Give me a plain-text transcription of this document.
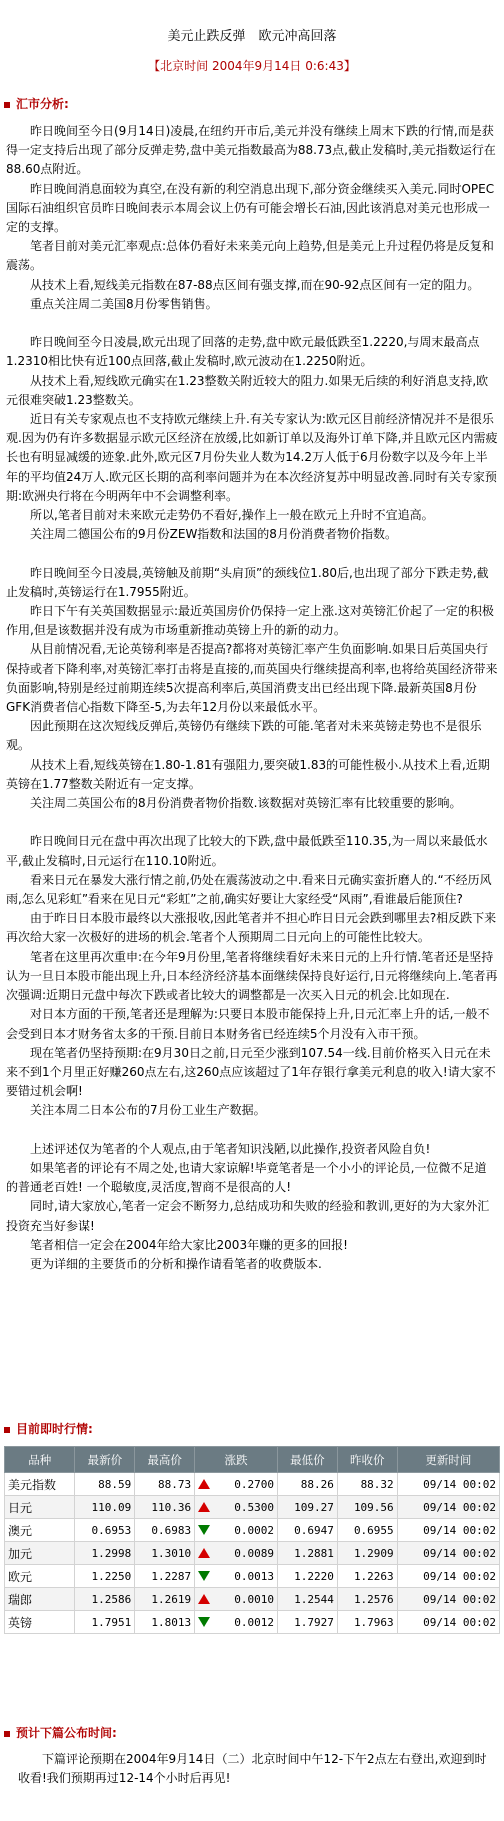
美元止跌反弹　欧元冲高回落
【北京时间 2004年9月14日 0:6:43】
汇市分析:

昨日晚间至今日(9月14日)凌晨,在纽约开市后,美元并没有继续上周末下跌的行情,而是获得一定支持后出现了部分反弹走势,盘中美元指数最高为88.73点,截止发稿时,美元指数运行在88.60点附近。

昨日晚间消息面较为真空,在没有新的利空消息出现下,部分资金继续买入美元.同时OPEC国际石油组织官员昨日晚间表示本周会议上仍有可能会增长石油,因此该消息对美元也形成一定的支撑。

笔者目前对美元汇率观点:总体仍看好未来美元向上趋势,但是美元上升过程仍将是反复和震荡。

从技术上看,短线美元指数在87-88点区间有强支撑,而在90-92点区间有一定的阻力。

重点关注周二美国8月份零售销售。

昨日晚间至今日凌晨,欧元出现了回落的走势,盘中欧元最低跌至1.2220,与周末最高点1.2310相比快有近100点回落,截止发稿时,欧元波动在1.2250附近。

从技术上看,短线欧元确实在1.23整数关附近较大的阻力.如果无后续的利好消息支持,欧元很难突破1.23整数关。

近日有关专家观点也不支持欧元继续上升.有关专家认为:欧元区目前经济情况并不是很乐观.因为仍有许多数据显示欧元区经济在放缓,比如新订单以及海外订单下降,并且欧元区内需疲长也有明显减缓的迹象.此外,欧元区7月份失业人数为14.2万人低于6月份数字以及今年上半年的平均值24万人.欧元区长期的高利率问题并为在本次经济复苏中明显改善.同时有关专家预期:欧洲央行将在今明两年中不会调整利率。

所以,笔者目前对未来欧元走势仍不看好,操作上一般在欧元上升时不宜追高。

关注周二德国公布的9月份ZEW指数和法国的8月份消费者物价指数。

昨日晚间至今日凌晨,英镑触及前期“头肩顶”的颈线位1.80后,也出现了部分下跌走势,截止发稿时,英镑运行在1.7955附近。

昨日下午有关英国数据显示:最近英国房价仍保持一定上涨.这对英镑汇价起了一定的积极作用,但是该数据并没有成为市场重新推动英镑上升的新的动力。

从目前情况看,无论英镑利率是否提高?都将对英镑汇率产生负面影响.如果日后英国央行保持或者下降利率,对英镑汇率打击将是直接的,而英国央行继续提高利率,也将给英国经济带来负面影响,特别是经过前期连续5次提高利率后,英国消费支出已经出现下降.最新英国8月份GFK消费者信心指数下降至-5,为去年12月份以来最低水平。

因此预期在这次短线反弹后,英镑仍有继续下跌的可能.笔者对未来英镑走势也不是很乐观。

从技术上看,短线英镑在1.80-1.81有强阻力,要突破1.83的可能性极小.从技术上看,近期英镑在1.77整数关附近有一定支撑。

关注周二英国公布的8月份消费者物价指数.该数据对英镑汇率有比较重要的影响。

昨日晚间日元在盘中再次出现了比较大的下跌,盘中最低跌至110.35,为一周以来最低水平,截止发稿时,日元运行在110.10附近。

看来日元在暴发大涨行情之前,仍处在震荡波动之中.看来日元确实蛮折磨人的.“不经历风雨,怎么见彩虹”看来在见日元“彩虹”之前,确实好要让大家经受“风雨”,看谁最后能顶住?

由于昨日日本股市最终以大涨报收,因此笔者并不担心昨日日元会跌到哪里去?相反跌下来再次给大家一次极好的进场的机会.笔者个人预期周二日元向上的可能性比较大。

笔者在这里再次重申:在今年9月份里,笔者将继续看好未来日元的上升行情.笔者还是坚持认为一旦日本股市能出现上升,日本经济经济基本面继续保持良好运行,日元将继续向上.笔者再次强调:近期日元盘中每次下跌或者比较大的调整都是一次买入日元的机会.比如现在.

对日本方面的干预,笔者还是理解为:只要日本股市能保持上升,日元汇率上升的话,一般不会受到日本才财务省太多的干预.目前日本财务省已经连续5个月没有入市干预。

现在笔者仍坚持预期:在9月30日之前,日元至少涨到107.54一线.目前价格买入日元在未来不到1个月里正好赚260点左右,这260点应该超过了1年存银行拿美元利息的收入!请大家不要错过机会啊!

关注本周二日本公布的7月份工业生产数据。

上述评述仅为笔者的个人观点,由于笔者知识浅陋,以此操作,投资者风险自负!

如果笔者的评论有不周之处,也请大家谅解!毕竟笔者是一个小小的评论员,一位微不足道的普通老百姓! 一个聪敏度,灵活度,智商不是很高的人!

同时,请大家放心,笔者一定会不断努力,总结成功和失败的经验和教训,更好的为大家外汇投资充当好参谋!

笔者相信一定会在2004年给大家比2003年赚的更多的回报!

更为详细的主要货币的分析和操作请看笔者的收费版本.

目前即时行情:
品种	最新价	最高价	涨跌	最低价	昨收价	更新时间
美元指数	88.59	88.73	0.2700	88.26	88.32	09/14 00:02
日元	110.09	110.36	0.5300	109.27	109.56	09/14 00:02
澳元	0.6953	0.6983	0.0002	0.6947	0.6955	09/14 00:02
加元	1.2998	1.3010	0.0089	1.2881	1.2909	09/14 00:02
欧元	1.2250	1.2287	0.0013	1.2220	1.2263	09/14 00:02
瑞郎	1.2586	1.2619	0.0010	1.2544	1.2576	09/14 00:02
英镑	1.7951	1.8013	0.0012	1.7927	1.7963	09/14 00:02
预计下篇公布时间:
下篇评论预期在2004年9月14日（二）北京时间中午12-下午2点左右登出,欢迎到时收看!我们预期再过12-14个小时后再见!
